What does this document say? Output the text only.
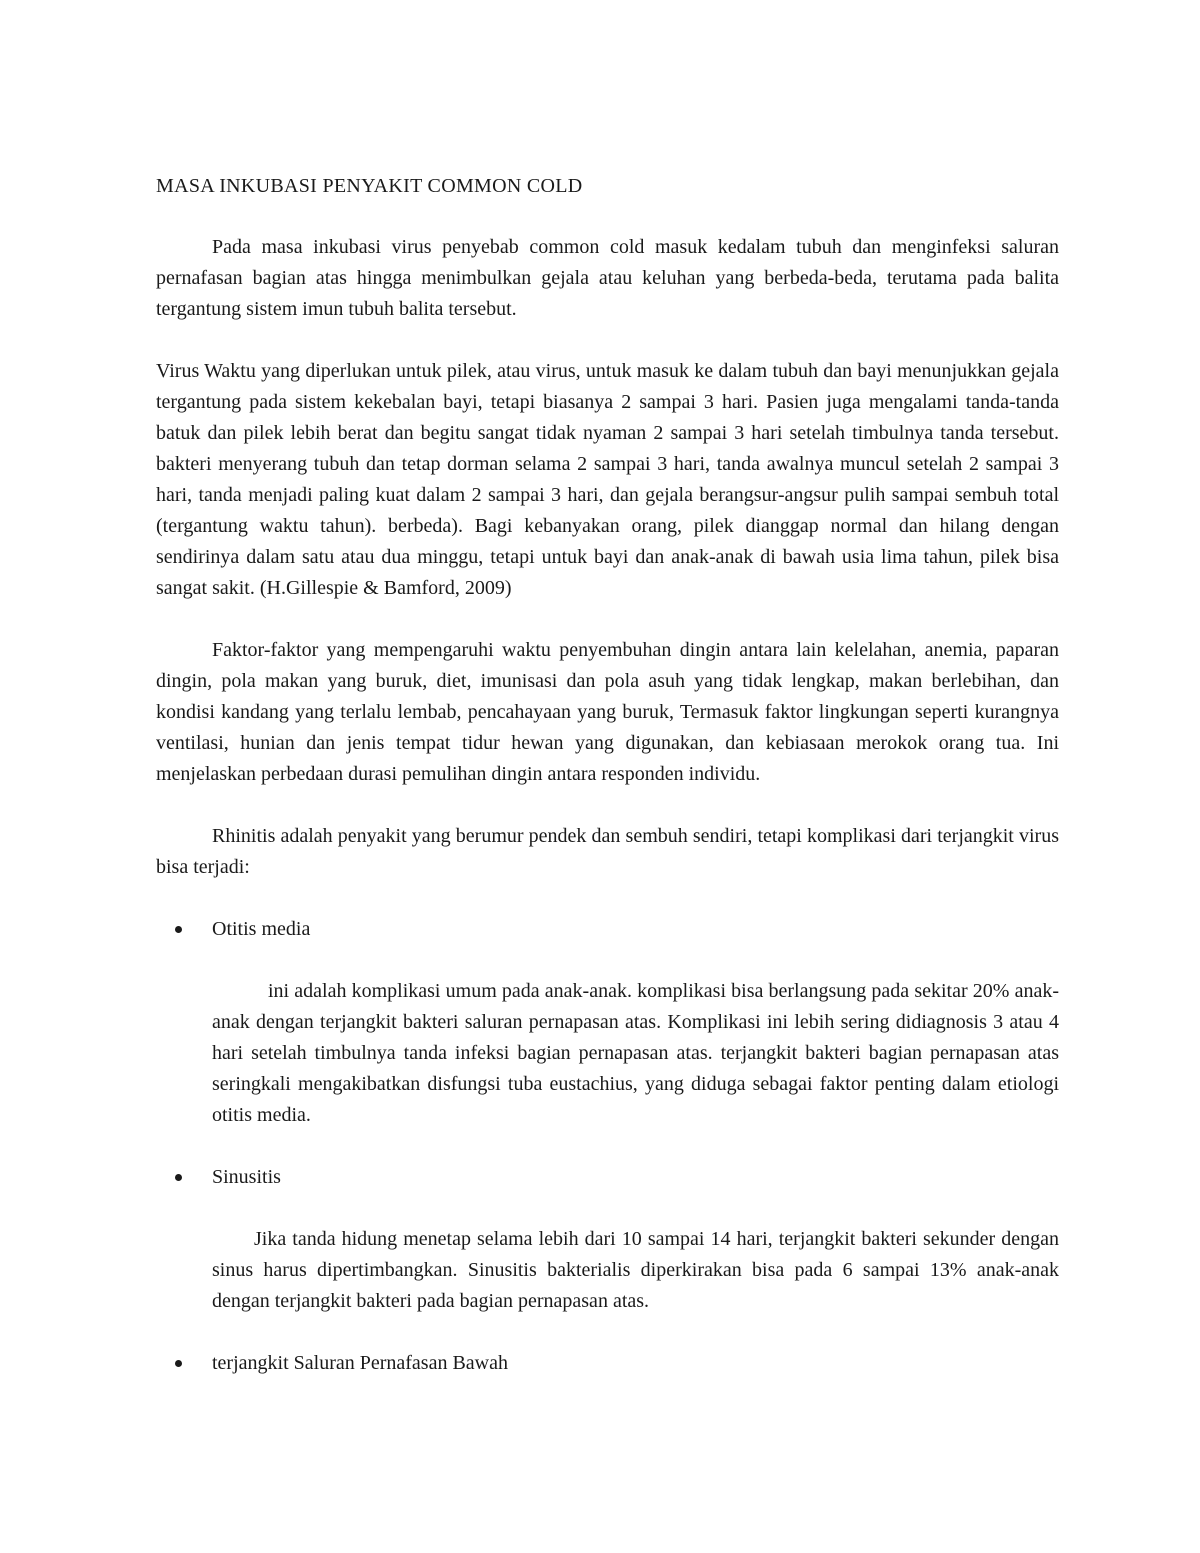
MASA INKUBASI PENYAKIT COMMON COLD

Pada masa inkubasi virus penyebab common cold masuk kedalam tubuh dan menginfeksi saluran pernafasan bagian atas hingga menimbulkan gejala atau keluhan yang berbeda-beda, terutama pada balita tergantung sistem imun tubuh balita tersebut.

Virus Waktu yang diperlukan untuk pilek, atau virus, untuk masuk ke dalam tubuh dan bayi menunjukkan gejala tergantung pada sistem kekebalan bayi, tetapi biasanya 2 sampai 3 hari. Pasien juga mengalami tanda-tanda batuk dan pilek lebih berat dan begitu sangat tidak nyaman 2 sampai 3 hari setelah timbulnya tanda tersebut. bakteri menyerang tubuh dan tetap dorman selama 2 sampai 3 hari, tanda awalnya muncul setelah 2 sampai 3 hari, tanda menjadi paling kuat dalam 2 sampai 3 hari, dan gejala berangsur-angsur pulih sampai sembuh total (tergantung waktu tahun). berbeda). Bagi kebanyakan orang, pilek dianggap normal dan hilang dengan sendirinya dalam satu atau dua minggu, tetapi untuk bayi dan anak-anak di bawah usia lima tahun, pilek bisa sangat sakit. (H.Gillespie & Bamford, 2009)

Faktor-faktor yang mempengaruhi waktu penyembuhan dingin antara lain kelelahan, anemia, paparan dingin, pola makan yang buruk, diet, imunisasi dan pola asuh yang tidak lengkap, makan berlebihan, dan kondisi kandang yang terlalu lembab, pencahayaan yang buruk, Termasuk faktor lingkungan seperti kurangnya ventilasi, hunian dan jenis tempat tidur hewan yang digunakan, dan kebiasaan merokok orang tua. Ini menjelaskan perbedaan durasi pemulihan dingin antara responden individu.

Rhinitis adalah penyakit yang berumur pendek dan sembuh sendiri, tetapi komplikasi dari terjangkit virus bisa terjadi:

Otitis media

ini adalah komplikasi umum pada anak-anak. komplikasi bisa berlangsung pada sekitar 20% anak-anak dengan terjangkit bakteri saluran pernapasan atas. Komplikasi ini lebih sering didiagnosis 3 atau 4 hari setelah timbulnya tanda infeksi bagian pernapasan atas. terjangkit bakteri bagian pernapasan atas seringkali mengakibatkan disfungsi tuba eustachius, yang diduga sebagai faktor penting dalam etiologi otitis media.

Sinusitis

Jika tanda hidung menetap selama lebih dari 10 sampai 14 hari, terjangkit bakteri sekunder dengan sinus harus dipertimbangkan. Sinusitis bakterialis diperkirakan bisa pada 6 sampai 13% anak-anak dengan terjangkit bakteri pada bagian pernapasan atas.

terjangkit Saluran Pernafasan Bawah
